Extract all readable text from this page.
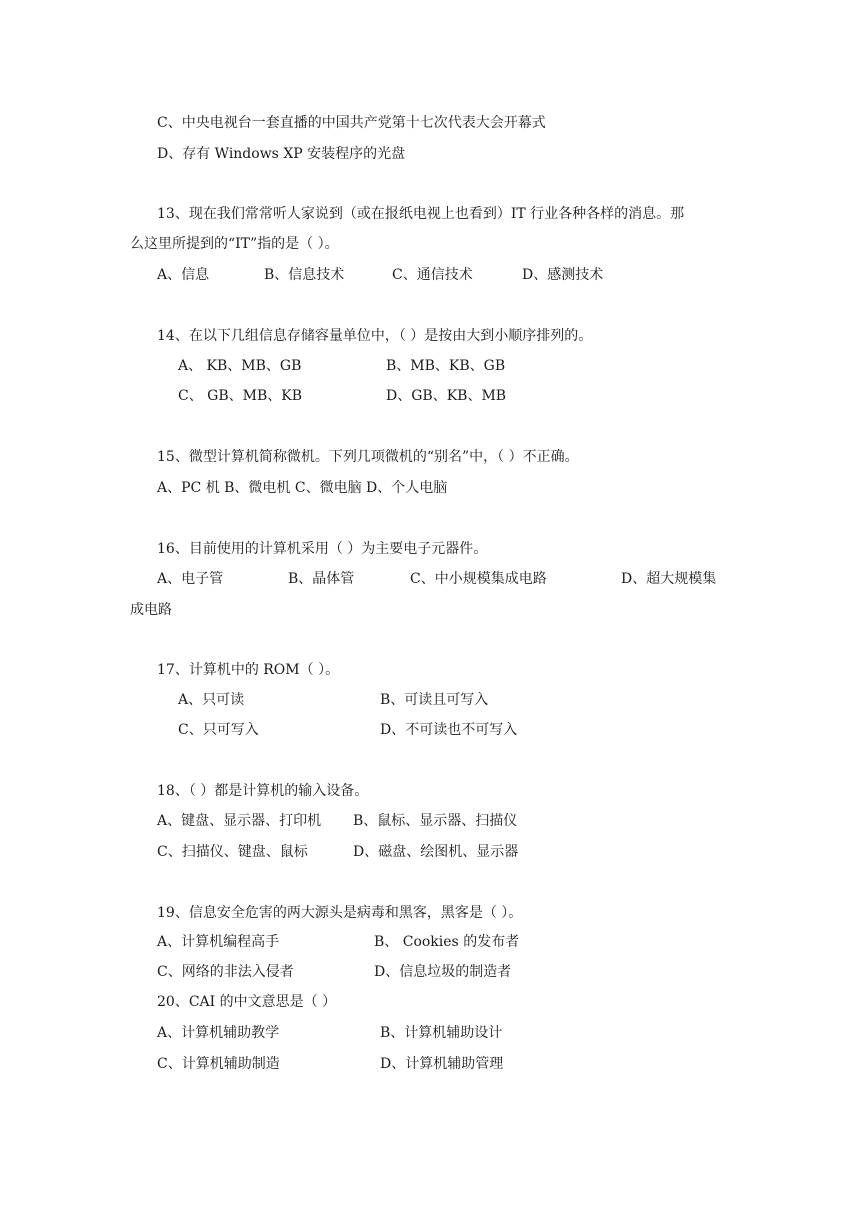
C、中央电视台一套直播的中国共产党第十七次代表大会开幕式
D、存有 Windows XP 安装程序的光盘
13、现在我们常常听人家说到（或在报纸电视上也看到）IT 行业各种各样的消息。那
么这里所提到的“IT”指的是（ ）。
A、信息	B、信息技术	C、通信技术	D、感测技术
14、在以下几组信息存储容量单位中，（ ）是按由大到小顺序排列的。
A、 KB、MB、GB	B、MB、KB、GB
C、 GB、MB、KB	D、GB、KB、MB
15、微型计算机简称微机。下列几项微机的“别名”中，（ ）不正确。
A、PC 机 B、微电机 C、微电脑 D、个人电脑
16、目前使用的计算机采用（ ）为主要电子元器件。
A、电子管	B、晶体管	C、中小规模集成电路	D、超大规模集
成电路
17、计算机中的 ROM（ ）。
A、只可读	B、可读且可写入
C、只可写入	D、不可读也不可写入
18、（ ）都是计算机的输入设备。
A、键盘、显示器、打印机 B、鼠标、显示器、扫描仪
C、扫描仪、键盘、鼠标	D、磁盘、绘图机、显示器
19、信息安全危害的两大源头是病毒和黑客，黑客是（ ）。
A、计算机编程高手	B、 Cookies 的发布者
C、网络的非法入侵者	D、信息垃圾的制造者
20、CAI 的中文意思是（ ）
A、计算机辅助教学	B、计算机辅助设计
C、计算机辅助制造	D、计算机辅助管理
